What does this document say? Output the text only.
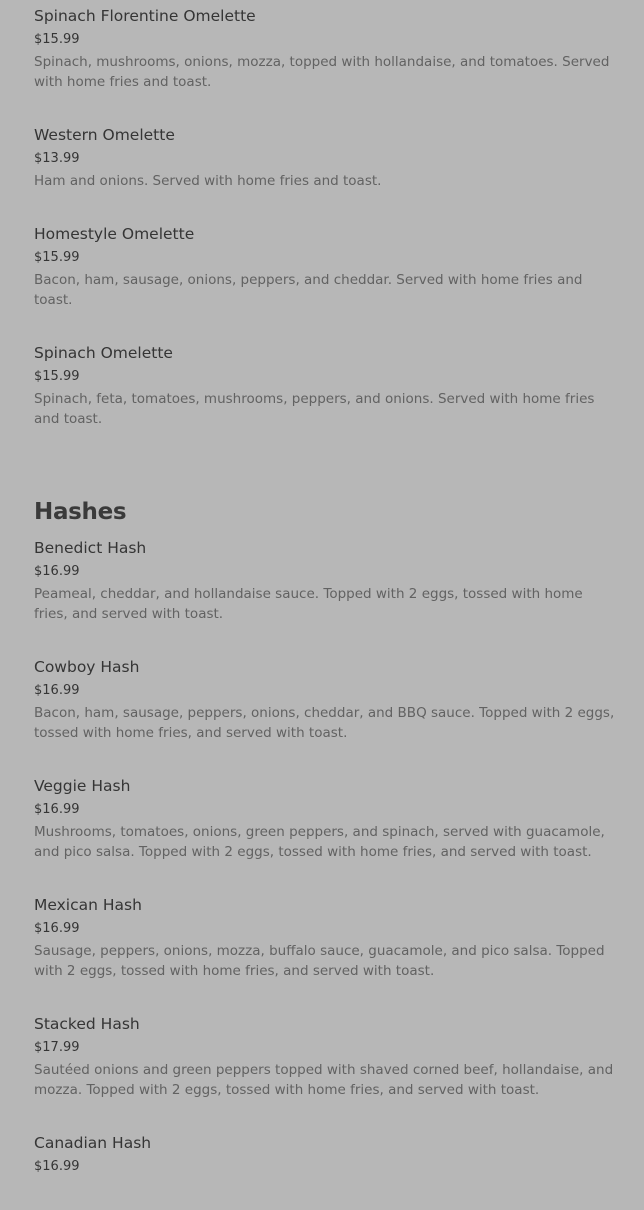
Spinach Florentine Omelette
$15.99
Spinach, mushrooms, onions, mozza, topped with hollandaise, and tomatoes. Served with home fries and toast.
Western Omelette
$13.99
Ham and onions. Served with home fries and toast.
Homestyle Omelette
$15.99
Bacon, ham, sausage, onions, peppers, and cheddar. Served with home fries and toast.
Spinach Omelette
$15.99
Spinach, feta, tomatoes, mushrooms, peppers, and onions. Served with home fries and toast.
Hashes
Benedict Hash
$16.99
Peameal, cheddar, and hollandaise sauce. Topped with 2 eggs, tossed with home fries, and served with toast.
Cowboy Hash
$16.99
Bacon, ham, sausage, peppers, onions, cheddar, and BBQ sauce. Topped with 2 eggs, tossed with home fries, and served with toast.
Veggie Hash
$16.99
Mushrooms, tomatoes, onions, green peppers, and spinach, served with guacamole, and pico salsa. Topped with 2 eggs, tossed with home fries, and served with toast.
Mexican Hash
$16.99
Sausage, peppers, onions, mozza, buffalo sauce, guacamole, and pico salsa. Topped with 2 eggs, tossed with home fries, and served with toast.
Stacked Hash
$17.99
Sautéed onions and green peppers topped with shaved corned beef, hollandaise, and mozza. Topped with 2 eggs, tossed with home fries, and served with toast.
Canadian Hash
$16.99
